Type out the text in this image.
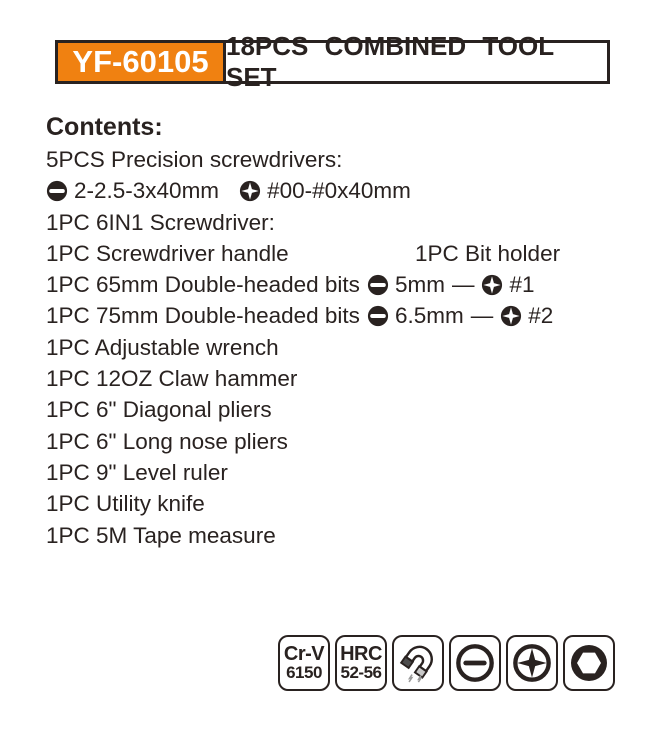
YF-60105 18PCS COMBINED TOOL SET
Contents:
5PCS Precision screwdrivers:
2-2.5-3x40mm #00-#0x40mm
1PC 6IN1 Screwdriver:
1PC Screwdriver handle	1PC Bit holder
1PC 65mm Double-headed bits 5mm — #1
1PC 75mm Double-headed bits 6.5mm — #2
1PC Adjustable wrench
1PC 12OZ Claw hammer
1PC 6" Diagonal pliers
1PC 6" Long nose pliers
1PC 9" Level ruler
1PC Utility knife
1PC 5M Tape measure
Cr-V
6150
HRC
52-56
